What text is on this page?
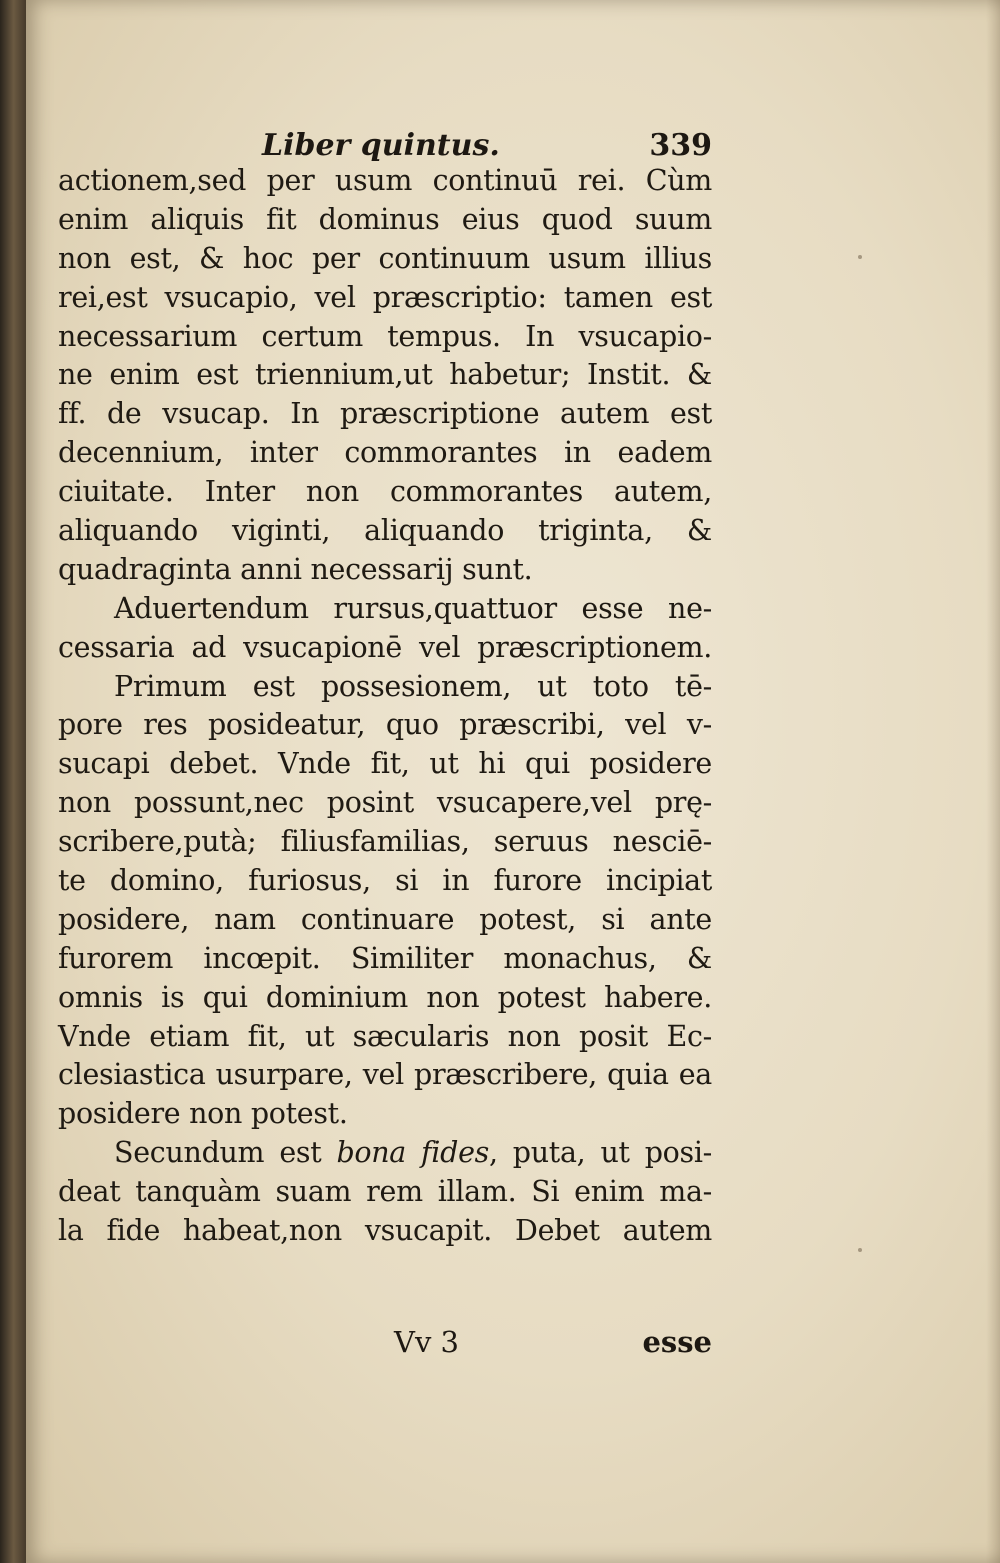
Liber quintus.	339
actionem,sed per usum continuū rei. Cùm
enim aliquis fit dominus eius quod suum
non est, & hoc per continuum usum illius
rei,est vsucapio, vel præscriptio: tamen est
necessarium certum tempus. In vsucapio-
ne enim est triennium,ut habetur; Instit. &
ff. de vsucap. In præscriptione autem est
decennium, inter commorantes in eadem
ciuitate. Inter non commorantes autem,
aliquando viginti, aliquando triginta, &
quadraginta anni necessarij sunt.
Aduertendum rursus,quattuor esse ne-
cessaria ad vsucapionē vel præscriptionem.
Primum est possesionem, ut toto tē-
pore res posideatur, quo præscribi, vel v-
sucapi debet. Vnde fit, ut hi qui posidere
non possunt,nec posint vsucapere,vel prę-
scribere,putà; filiusfamilias, seruus nesciē-
te domino, furiosus, si in furore incipiat
posidere, nam continuare potest, si ante
furorem incœpit. Similiter monachus, &
omnis is qui dominium non potest habere.
Vnde etiam fit, ut sæcularis non posit Ec-
clesiastica usurpare, vel præscribere, quia ea
posidere non potest.
Secundum est bona fides, puta, ut posi-
deat tanquàm suam rem illam. Si enim ma-
la fide habeat,non vsucapit. Debet autem
Vv 3	esse
